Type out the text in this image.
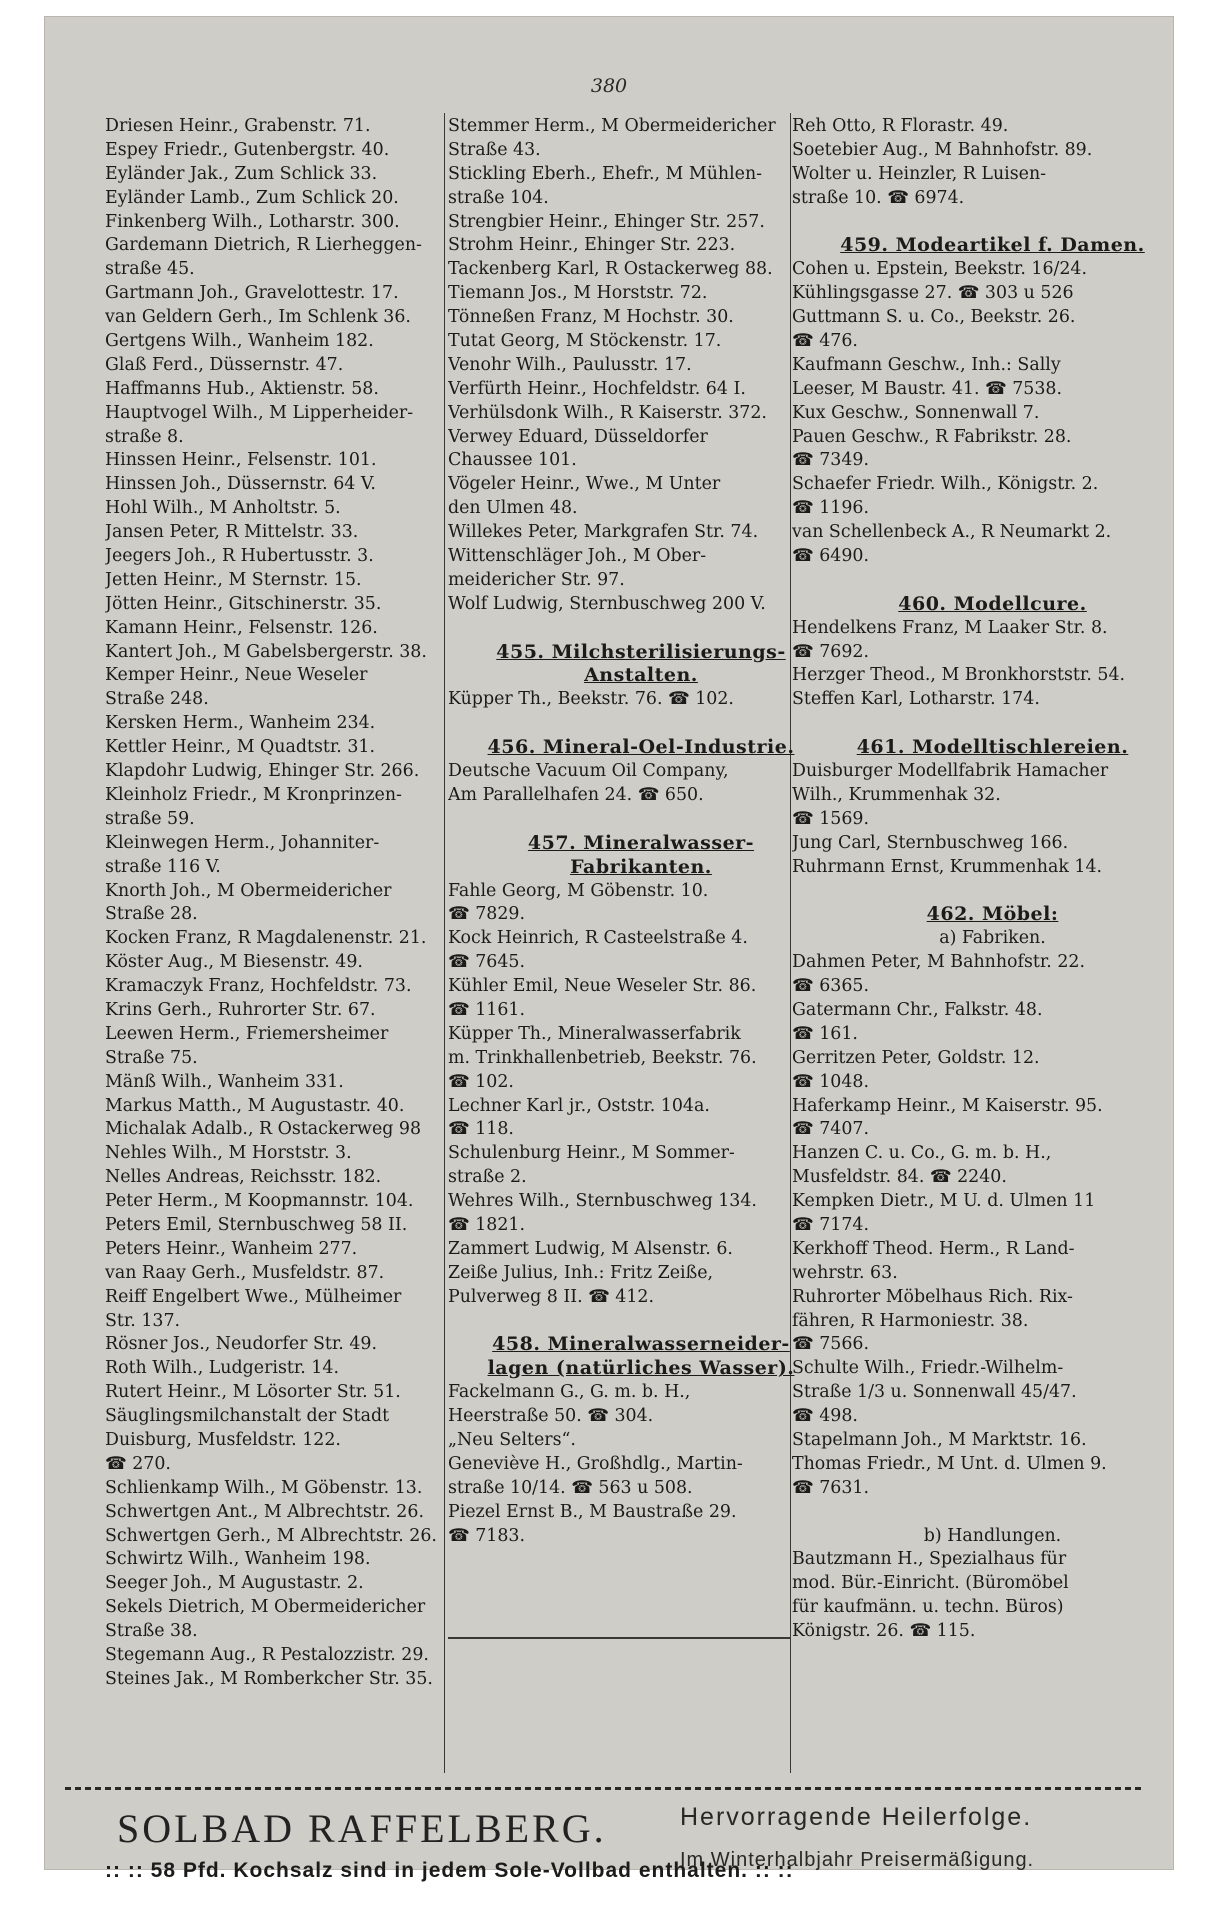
380
Driesen Heinr., Grabenstr. 71.
Espey Friedr., Gutenbergstr. 40.
Eyländer Jak., Zum Schlick 33.
Eyländer Lamb., Zum Schlick 20.
Finkenberg Wilh., Lotharstr. 300.
Gardemann Dietrich, R Lierheggen-
straße 45.
Gartmann Joh., Gravelottestr. 17.
van Geldern Gerh., Im Schlenk 36.
Gertgens Wilh., Wanheim 182.
Glaß Ferd., Düssernstr. 47.
Haffmanns Hub., Aktienstr. 58.
Hauptvogel Wilh., M Lipperheider-
straße 8.
Hinssen Heinr., Felsenstr. 101.
Hinssen Joh., Düssernstr. 64 V.
Hohl Wilh., M Anholtstr. 5.
Jansen Peter, R Mittelstr. 33.
Jeegers Joh., R Hubertusstr. 3.
Jetten Heinr., M Sternstr. 15.
Jötten Heinr., Gitschinerstr. 35.
Kamann Heinr., Felsenstr. 126.
Kantert Joh., M Gabelsbergerstr. 38.
Kemper Heinr., Neue Weseler
Straße 248.
Kersken Herm., Wanheim 234.
Kettler Heinr., M Quadtstr. 31.
Klapdohr Ludwig, Ehinger Str. 266.
Kleinholz Friedr., M Kronprinzen-
straße 59.
Kleinwegen Herm., Johanniter-
straße 116 V.
Knorth Joh., M Obermeidericher
Straße 28.
Kocken Franz, R Magdalenenstr. 21.
Köster Aug., M Biesenstr. 49.
Kramaczyk Franz, Hochfeldstr. 73.
Krins Gerh., Ruhrorter Str. 67.
Leewen Herm., Friemersheimer
Straße 75.
Mänß Wilh., Wanheim 331.
Markus Matth., M Augustastr. 40.
Michalak Adalb., R Ostackerweg 98
Nehles Wilh., M Horststr. 3.
Nelles Andreas, Reichsstr. 182.
Peter Herm., M Koopmannstr. 104.
Peters Emil, Sternbuschweg 58 II.
Peters Heinr., Wanheim 277.
van Raay Gerh., Musfeldstr. 87.
Reiff Engelbert Wwe., Mülheimer
Str. 137.
Rösner Jos., Neudorfer Str. 49.
Roth Wilh., Ludgeristr. 14.
Rutert Heinr., M Lösorter Str. 51.
Säuglingsmilchanstalt der Stadt
Duisburg, Musfeldstr. 122.
☎ 270.
Schlienkamp Wilh., M Göbenstr. 13.
Schwertgen Ant., M Albrechtstr. 26.
Schwertgen Gerh., M Albrechtstr. 26.
Schwirtz Wilh., Wanheim 198.
Seeger Joh., M Augustastr. 2.
Sekels Dietrich, M Obermeidericher
Straße 38.
Stegemann Aug., R Pestalozzistr. 29.
Steines Jak., M Romberkcher Str. 35.
Stemmer Herm., M Obermeidericher
Straße 43.
Stickling Eberh., Ehefr., M Mühlen-
straße 104.
Strengbier Heinr., Ehinger Str. 257.
Strohm Heinr., Ehinger Str. 223.
Tackenberg Karl, R Ostackerweg 88.
Tiemann Jos., M Horststr. 72.
Tönneßen Franz, M Hochstr. 30.
Tutat Georg, M Stöckenstr. 17.
Venohr Wilh., Paulusstr. 17.
Verfürth Heinr., Hochfeldstr. 64 I.
Verhülsdonk Wilh., R Kaiserstr. 372.
Verwey Eduard, Düsseldorfer
Chaussee 101.
Vögeler Heinr., Wwe., M Unter
den Ulmen 48.
Willekes Peter, Markgrafen Str. 74.
Wittenschläger Joh., M Ober-
meidericher Str. 97.
Wolf Ludwig, Sternbuschweg 200 V.
455. Milchsterilisierungs-
Anstalten.
Küpper Th., Beekstr. 76. ☎ 102.
456. Mineral-Oel-Industrie.
Deutsche Vacuum Oil Company,
Am Parallelhafen 24. ☎ 650.
457. Mineralwasser-
Fabrikanten.
Fahle Georg, M Göbenstr. 10.
☎ 7829.
Kock Heinrich, R Casteelstraße 4.
☎ 7645.
Kühler Emil, Neue Weseler Str. 86.
☎ 1161.
Küpper Th., Mineralwasserfabrik
m. Trinkhallenbetrieb, Beekstr. 76.
☎ 102.
Lechner Karl jr., Oststr. 104a.
☎ 118.
Schulenburg Heinr., M Sommer-
straße 2.
Wehres Wilh., Sternbuschweg 134.
☎ 1821.
Zammert Ludwig, M Alsenstr. 6.
Zeiße Julius, Inh.: Fritz Zeiße,
Pulverweg 8 II. ☎ 412.
458. Mineralwasserneider-
lagen (natürliches Wasser).
Fackelmann G., G. m. b. H.,
Heerstraße 50. ☎ 304.
„Neu Selters“.
Geneviève H., Großhdlg., Martin-
straße 10/14. ☎ 563 u 508.
Piezel Ernst B., M Baustraße 29.
☎ 7183.
Reh Otto, R Florastr. 49.
Soetebier Aug., M Bahnhofstr. 89.
Wolter u. Heinzler, R Luisen-
straße 10. ☎ 6974.
459. Modeartikel f. Damen.
Cohen u. Epstein, Beekstr. 16/24.
Kühlingsgasse 27. ☎ 303 u 526
Guttmann S. u. Co., Beekstr. 26.
☎ 476.
Kaufmann Geschw., Inh.: Sally
Leeser, M Baustr. 41. ☎ 7538.
Kux Geschw., Sonnenwall 7.
Pauen Geschw., R Fabrikstr. 28.
☎ 7349.
Schaefer Friedr. Wilh., Königstr. 2.
☎ 1196.
van Schellenbeck A., R Neumarkt 2.
☎ 6490.
460. Modellcure.
Hendelkens Franz, M Laaker Str. 8.
☎ 7692.
Herzger Theod., M Bronkhorststr. 54.
Steffen Karl, Lotharstr. 174.
461. Modelltischlereien.
Duisburger Modellfabrik Hamacher
Wilh., Krummenhak 32.
☎ 1569.
Jung Carl, Sternbuschweg 166.
Ruhrmann Ernst, Krummenhak 14.
462. Möbel:
a) Fabriken.
Dahmen Peter, M Bahnhofstr. 22.
☎ 6365.
Gatermann Chr., Falkstr. 48.
☎ 161.
Gerritzen Peter, Goldstr. 12.
☎ 1048.
Haferkamp Heinr., M Kaiserstr. 95.
☎ 7407.
Hanzen C. u. Co., G. m. b. H.,
Musfeldstr. 84. ☎ 2240.
Kempken Dietr., M U. d. Ulmen 11
☎ 7174.
Kerkhoff Theod. Herm., R Land-
wehrstr. 63.
Ruhrorter Möbelhaus Rich. Rix-
fähren, R Harmoniestr. 38.
☎ 7566.
Schulte Wilh., Friedr.-Wilhelm-
Straße 1/3 u. Sonnenwall 45/47.
☎ 498.
Stapelmann Joh., M Marktstr. 16.
Thomas Friedr., M Unt. d. Ulmen 9.
☎ 7631.
b) Handlungen.
Bautzmann H., Spezialhaus für
mod. Bür.-Einricht. (Büromöbel
für kaufmänn. u. techn. Büros)
Königstr. 26. ☎ 115.
SOLBAD RAFFELBERG.	Hervorragende Heilerfolge.
Im Winterhalbjahr Preisermäßigung.
:: :: 58 Pfd. Kochsalz sind in jedem Sole-Vollbad enthalten. :: ::
